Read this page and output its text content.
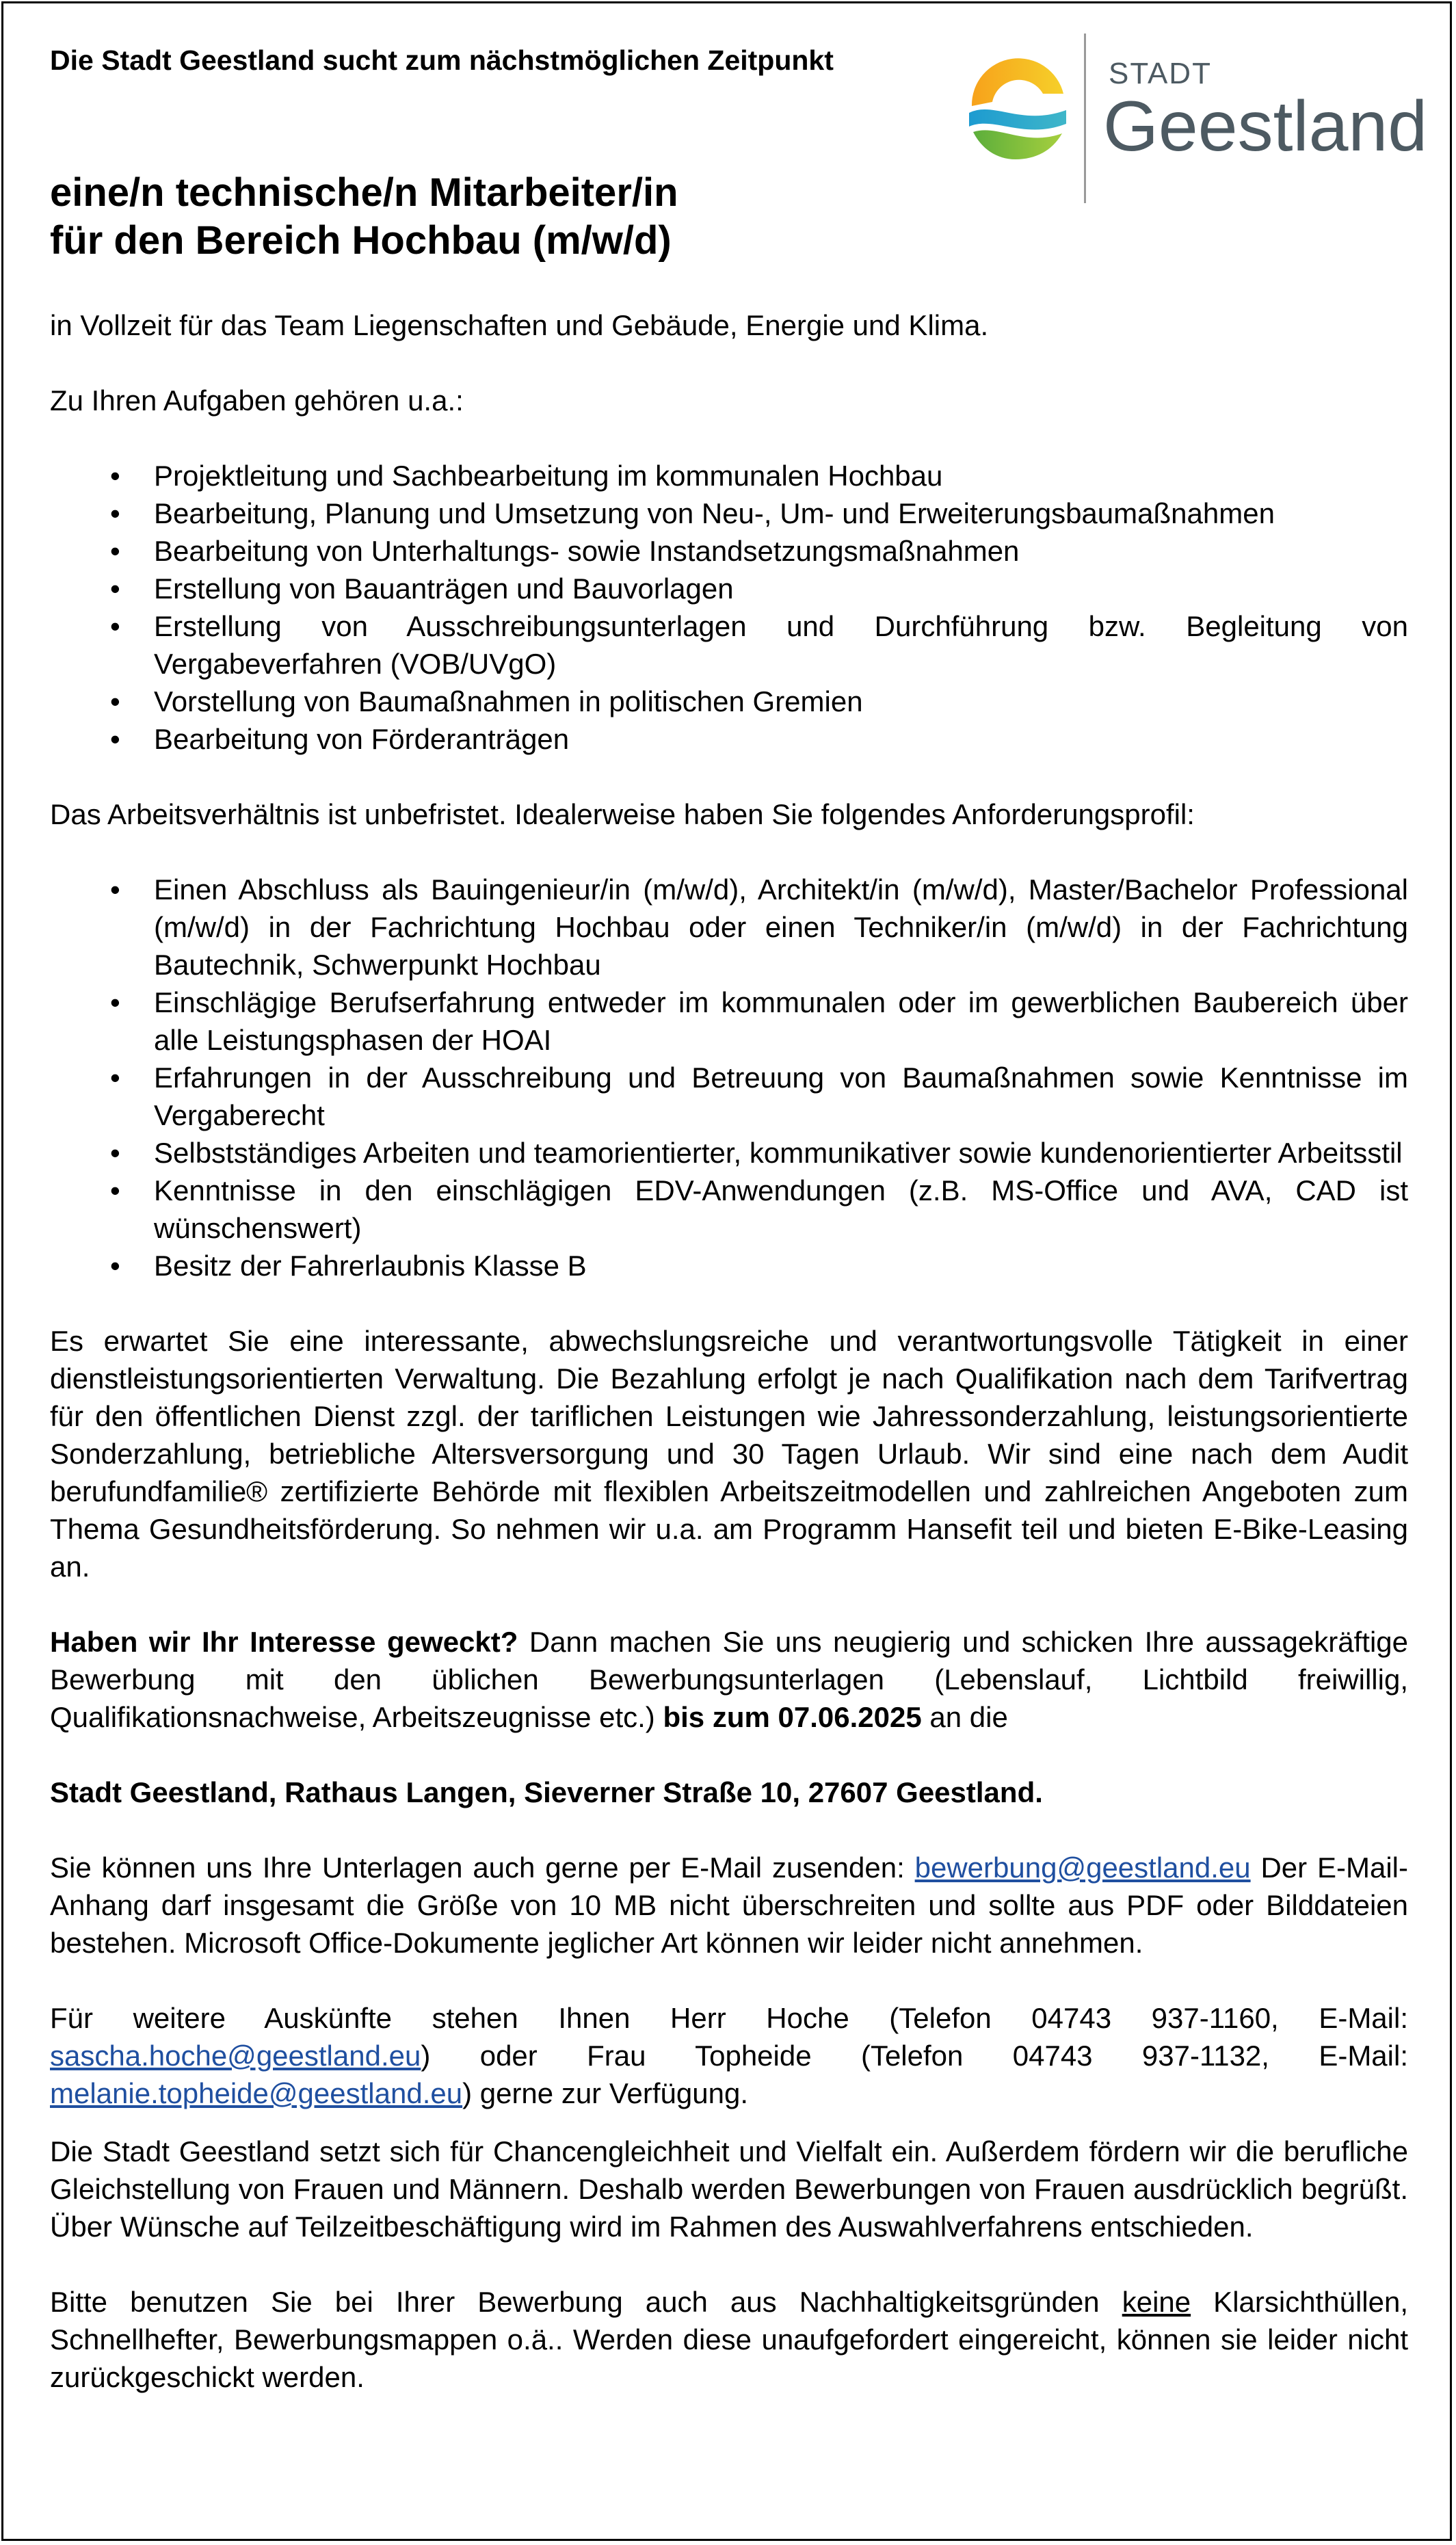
STADT
Geestland
Die Stadt Geestland sucht zum nächstmöglichen Zeitpunkt
eine/n technische/n Mitarbeiter/in
für den Bereich Hochbau (m/w/d)

in Vollzeit für das Team Liegenschaften und Gebäude, Energie und Klima.

Zu Ihren Aufgaben gehören u.a.:

• Projektleitung und Sachbearbeitung im kommunalen Hochbau
• Bearbeitung, Planung und Umsetzung von Neu-, Um- und Erweiterungsbaumaßnahmen
• Bearbeitung von Unterhaltungs- sowie Instandsetzungsmaßnahmen
• Erstellung von Bauanträgen und Bauvorlagen
• Erstellung von Ausschreibungsunterlagen und Durchführung bzw. Begleitung von Vergabeverfahren (VOB/UVgO)
• Vorstellung von Baumaßnahmen in politischen Gremien
• Bearbeitung von Förderanträgen

Das Arbeitsverhältnis ist unbefristet. Idealerweise haben Sie folgendes Anforderungsprofil:

• Einen Abschluss als Bauingenieur/in (m/w/d), Architekt/in (m/w/d), Master/Bachelor Professional (m/w/d) in der Fachrichtung Hochbau oder einen Techniker/in (m/w/d) in der Fachrichtung Bautechnik, Schwerpunkt Hochbau
• Einschlägige Berufserfahrung entweder im kommunalen oder im gewerblichen Baubereich über alle Leistungsphasen der HOAI
• Erfahrungen in der Ausschreibung und Betreuung von Baumaßnahmen sowie Kenntnisse im Vergaberecht
• Selbstständiges Arbeiten und teamorientierter, kommunikativer sowie kundenorientierter Arbeitsstil
• Kenntnisse in den einschlägigen EDV-Anwendungen (z.B. MS-Office und AVA, CAD ist wünschenswert)
• Besitz der Fahrerlaubnis Klasse B

Es erwartet Sie eine interessante, abwechslungsreiche und verantwortungsvolle Tätigkeit in einer dienstleistungsorientierten Verwaltung. Die Bezahlung erfolgt je nach Qualifikation nach dem Tarifvertrag für den öffentlichen Dienst zzgl. der tariflichen Leistungen wie Jahressonderzahlung, leistungsorientierte Sonderzahlung, betriebliche Altersversorgung und 30 Tagen Urlaub. Wir sind eine nach dem Audit berufundfamilie® zertifizierte Behörde mit flexiblen Arbeitszeitmodellen und zahlreichen Angeboten zum Thema Gesundheitsförderung. So nehmen wir u.a. am Programm Hansefit teil und bieten E-Bike-Leasing an.

Haben wir Ihr Interesse geweckt? Dann machen Sie uns neugierig und schicken Ihre aussagekräftige Bewerbung mit den üblichen Bewerbungsunterlagen (Lebenslauf, Lichtbild freiwillig, Qualifikationsnachweise, Arbeitszeugnisse etc.) bis zum 07.06.2025 an die

Stadt Geestland, Rathaus Langen, Sieverner Straße 10, 27607 Geestland.

Sie können uns Ihre Unterlagen auch gerne per E-Mail zusenden: bewerbung@geestland.eu Der E-Mail-Anhang darf insgesamt die Größe von 10 MB nicht überschreiten und sollte aus PDF oder Bilddateien bestehen. Microsoft Office-Dokumente jeglicher Art können wir leider nicht annehmen.

Für weitere Auskünfte stehen Ihnen Herr Hoche (Telefon 04743 937-1160, E-Mail: sascha.hoche@geestland.eu) oder Frau Topheide (Telefon 04743 937-1132, E-Mail: melanie.topheide@geestland.eu) gerne zur Verfügung.

Die Stadt Geestland setzt sich für Chancengleichheit und Vielfalt ein. Außerdem fördern wir die berufliche Gleichstellung von Frauen und Männern. Deshalb werden Bewerbungen von Frauen ausdrücklich begrüßt. Über Wünsche auf Teilzeitbeschäftigung wird im Rahmen des Auswahlverfahrens entschieden.

Bitte benutzen Sie bei Ihrer Bewerbung auch aus Nachhaltigkeitsgründen keine Klarsichthüllen, Schnellhefter, Bewerbungsmappen o.ä.. Werden diese unaufgefordert eingereicht, können sie leider nicht zurückgeschickt werden.
